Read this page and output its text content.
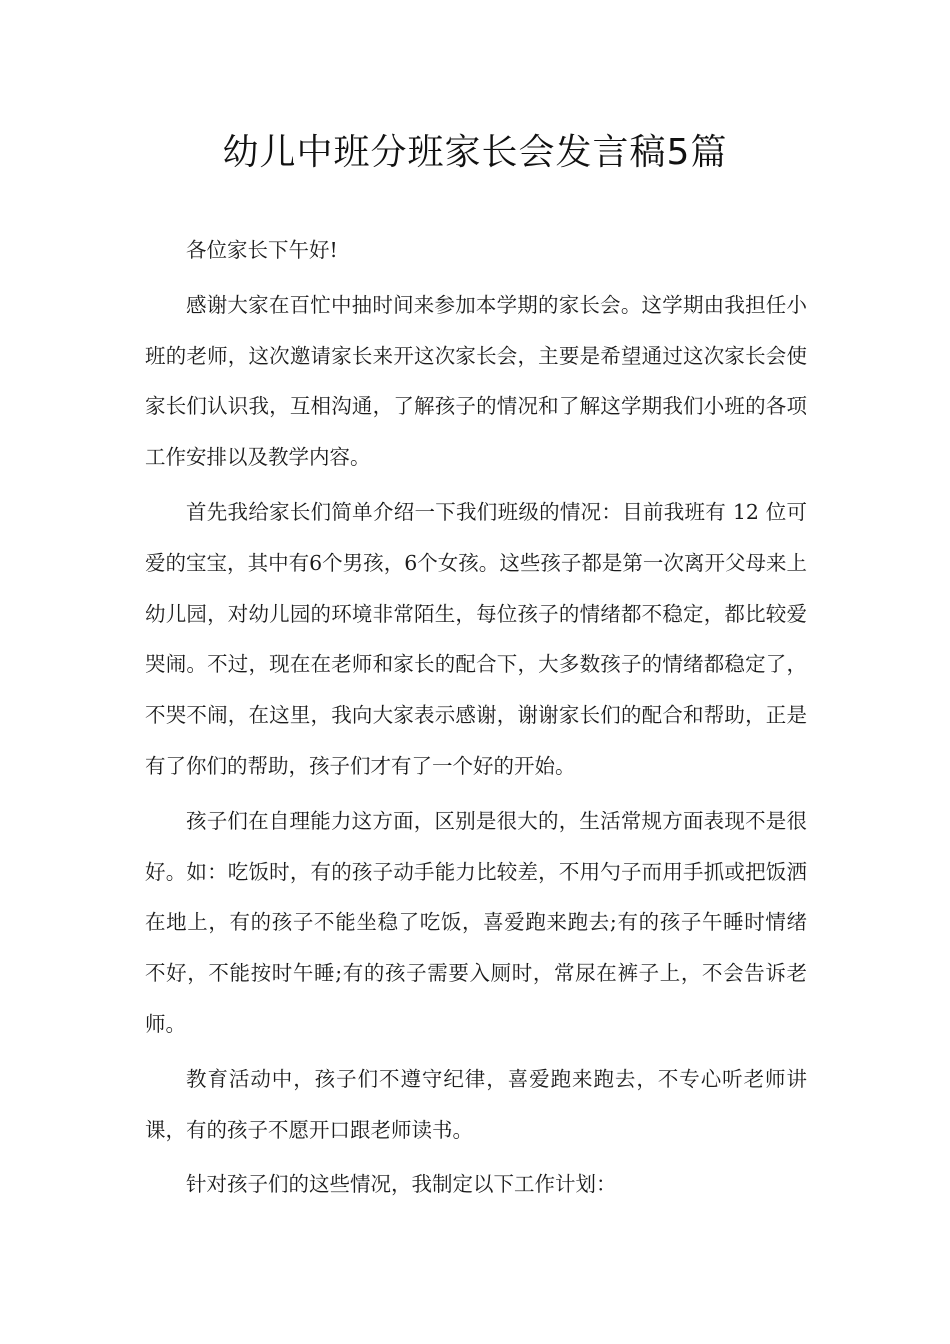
幼儿中班分班家长会发言稿5篇

各位家长下午好!

感谢大家在百忙中抽时间来参加本学期的家长会。这学期由我担任小班的老师，这次邀请家长来开这次家长会，主要是希望通过这次家长会使家长们认识我，互相沟通，了解孩子的情况和了解这学期我们小班的各项工作安排以及教学内容。

首先我给家长们简单介绍一下我们班级的情况：目前我班有 12 位可爱的宝宝，其中有6个男孩，6个女孩。这些孩子都是第一次离开父母来上幼儿园，对幼儿园的环境非常陌生，每位孩子的情绪都不稳定，都比较爱哭闹。不过，现在在老师和家长的配合下，大多数孩子的情绪都稳定了，不哭不闹，在这里，我向大家表示感谢，谢谢家长们的配合和帮助，正是有了你们的帮助，孩子们才有了一个好的开始。

孩子们在自理能力这方面，区别是很大的，生活常规方面表现不是很好。如：吃饭时，有的孩子动手能力比较差，不用勺子而用手抓或把饭洒在地上，有的孩子不能坐稳了吃饭，喜爱跑来跑去;有的孩子午睡时情绪不好，不能按时午睡;有的孩子需要入厕时，常尿在裤子上，不会告诉老师。

教育活动中，孩子们不遵守纪律，喜爱跑来跑去，不专心听老师讲课，有的孩子不愿开口跟老师读书。

针对孩子们的这些情况，我制定以下工作计划：
